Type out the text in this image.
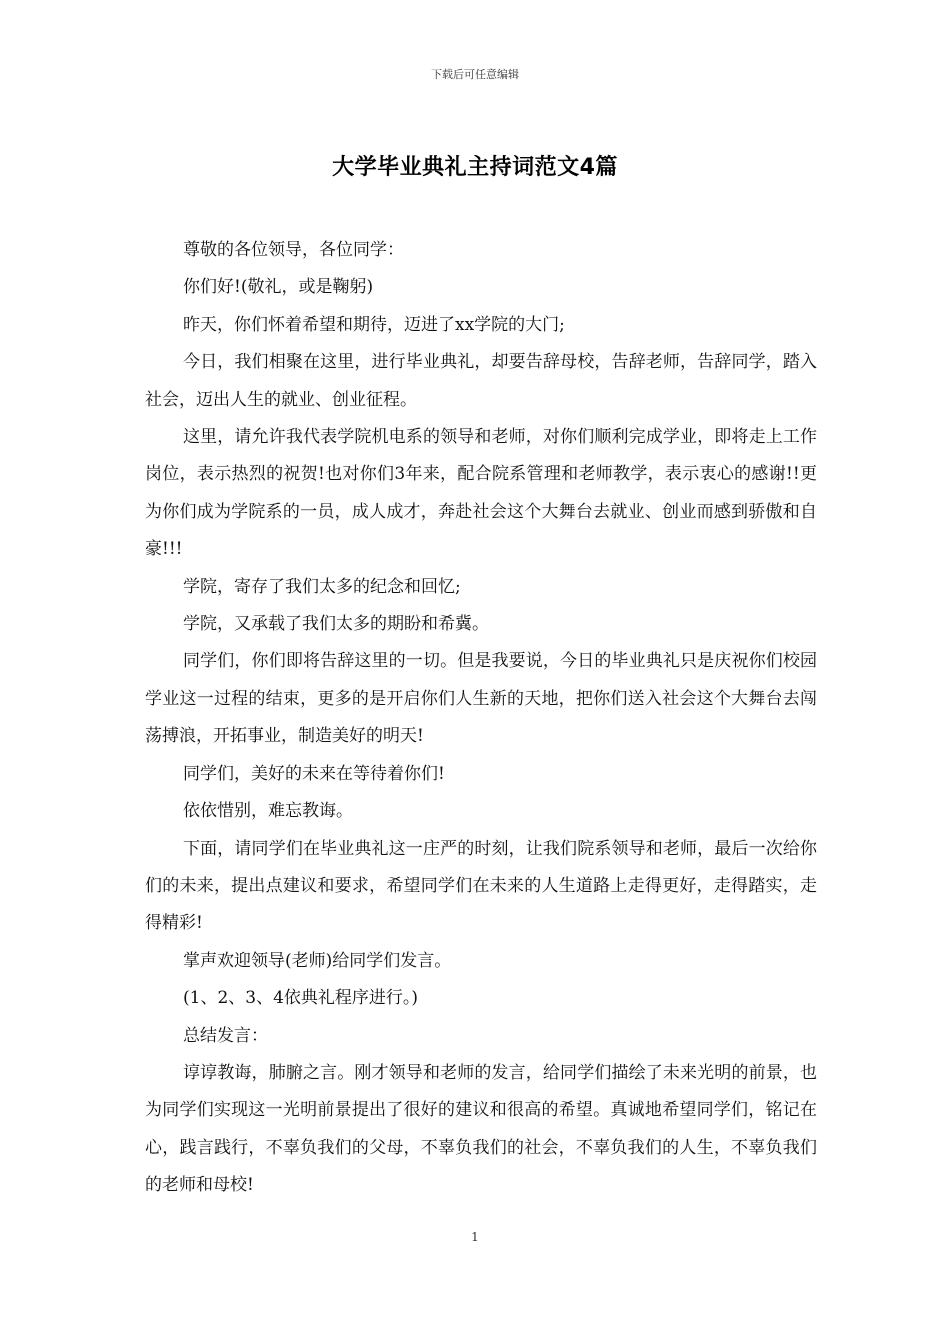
下载后可任意编辑
大学毕业典礼主持词范文4篇

尊敬的各位领导，各位同学：

你们好!(敬礼，或是鞠躬)

昨天，你们怀着希望和期待，迈进了xx学院的大门;

今日，我们相聚在这里，进行毕业典礼，却要告辞母校，告辞老师，告辞同学，踏入社会，迈出人生的就业、创业征程。

这里，请允许我代表学院机电系的领导和老师，对你们顺利完成学业，即将走上工作岗位，表示热烈的祝贺!也对你们3年来，配合院系管理和老师教学，表示衷心的感谢!!更为你们成为学院系的一员，成人成才，奔赴社会这个大舞台去就业、创业而感到骄傲和自豪!!!

学院，寄存了我们太多的纪念和回忆;

学院，又承载了我们太多的期盼和希冀。

同学们，你们即将告辞这里的一切。但是我要说，今日的毕业典礼只是庆祝你们校园学业这一过程的结束，更多的是开启你们人生新的天地，把你们送入社会这个大舞台去闯荡搏浪，开拓事业，制造美好的明天!

同学们，美好的未来在等待着你们!

依依惜别，难忘教诲。

下面，请同学们在毕业典礼这一庄严的时刻，让我们院系领导和老师，最后一次给你们的未来，提出点建议和要求，希望同学们在未来的人生道路上走得更好，走得踏实，走得精彩!

掌声欢迎领导(老师)给同学们发言。

(1、2、3、4依典礼程序进行。)

总结发言：

谆谆教诲，肺腑之言。刚才领导和老师的发言，给同学们描绘了未来光明的前景，也为同学们实现这一光明前景提出了很好的建议和很高的希望。真诚地希望同学们，铭记在心，践言践行，不辜负我们的父母，不辜负我们的社会，不辜负我们的人生，不辜负我们的老师和母校!

1
